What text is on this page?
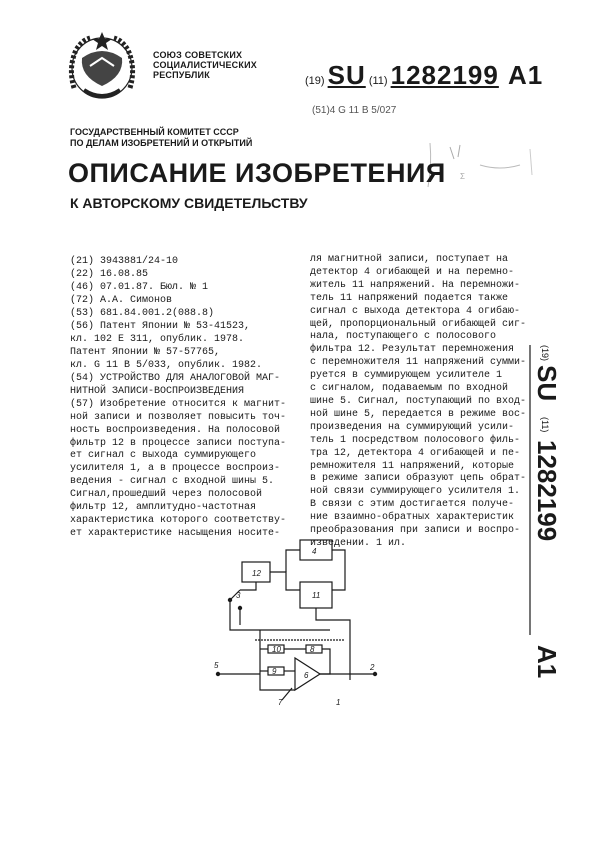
СОЮЗ СОВЕТСКИХ
СОЦИАЛИСТИЧЕСКИХ
РЕСПУБЛИК	(19) SU (11) 1282199 A1
(51)4 G 11 B 5/027
Σ
ГОСУДАРСТВЕННЫЙ КОМИТЕТ СССР
ПО ДЕЛАМ ИЗОБРЕТЕНИЙ И ОТКРЫТИЙ
ОПИСАНИЕ ИЗОБРЕТЕНИЯ
К АВТОРСКОМУ СВИДЕТЕЛЬСТВУ
(21) 3943881/24-10
(22) 16.08.85
(46) 07.01.87. Бюл. № 1
(72) А.А. Симонов
(53) 681.84.001.2(088.8)
(56) Патент Японии № 53-41523,
кл. 102 E 311, опублик. 1978.
Патент Японии № 57-57765,
кл. G 11 B 5/033, опублик. 1982.
(54) УСТРОЙСТВО ДЛЯ АНАЛОГОВОЙ МАГ-
НИТНОЙ ЗАПИСИ-ВОСПРОИЗВЕДЕНИЯ
(57) Изобретение относится к магнит-
ной записи и позволяет повысить точ-
ность воспроизведения. На полосовой
фильтр 12 в процессе записи поступа-
ет сигнал с выхода суммирующего
усилителя 1, а в процессе воспроиз-
ведения - сигнал с входной шины 5.
Сигнал,прошедший через полосовой
фильтр 12, амплитудно-частотная
характеристика которого соответству-
ет характеристике насыщения носите-
ля магнитной записи, поступает на
детектор 4 огибающей и на перемно-
житель 11 напряжений. На перемножи-
тель 11 напряжений подается также
сигнал с выхода детектора 4 огибаю-
щей, пропорциональный огибающей сиг-
нала, поступающего с полосового
фильтра 12. Результат перемножения
с перемножителя 11 напряжений сумми-
руется в суммирующем усилителе 1
с сигналом, подаваемым по входной
шине 5. Сигнал, поступающий по вход-
ной шине 5, передается в режиме вос-
произведения на суммирующий усили-
тель 1 посредством полосового филь-
тра 12, детектора 4 огибающей и пе-
ремножителя 11 напряжений, которые
в режиме записи образуют цепь обрат-
ной связи суммирующего усилителя 1.
В связи с этим достигается получе-
ние взаимно-обратных характеристик
преобразования при записи и воспро-
изведении. 1 ил.
(19)
SU
(11)
1282199
A1
4
12
11
3
10	8
9
5	2
6
7	1
